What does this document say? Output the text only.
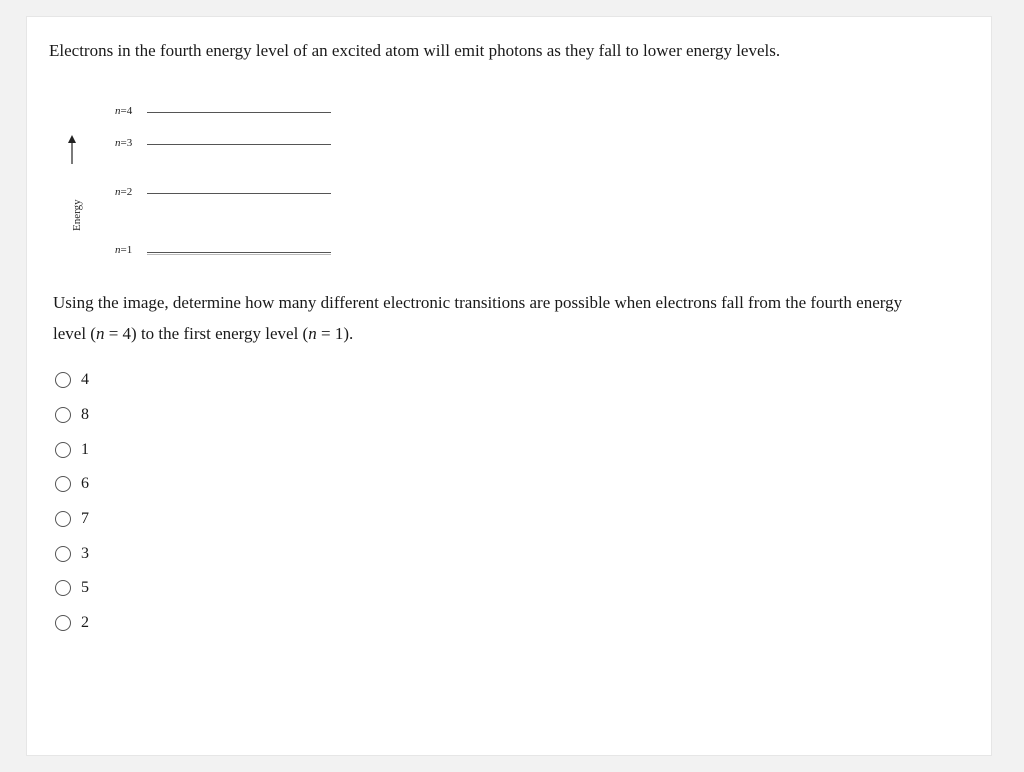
Electrons in the fourth energy level of an excited atom will emit photons as they fall to lower energy levels.
Energy
n=4
n=3
n=2
n=1
Using the image, determine how many different electronic transitions are possible when electrons fall from the fourth energy level (n = 4) to the first energy level (n = 1).
4
8
1
6
7
3
5
2
